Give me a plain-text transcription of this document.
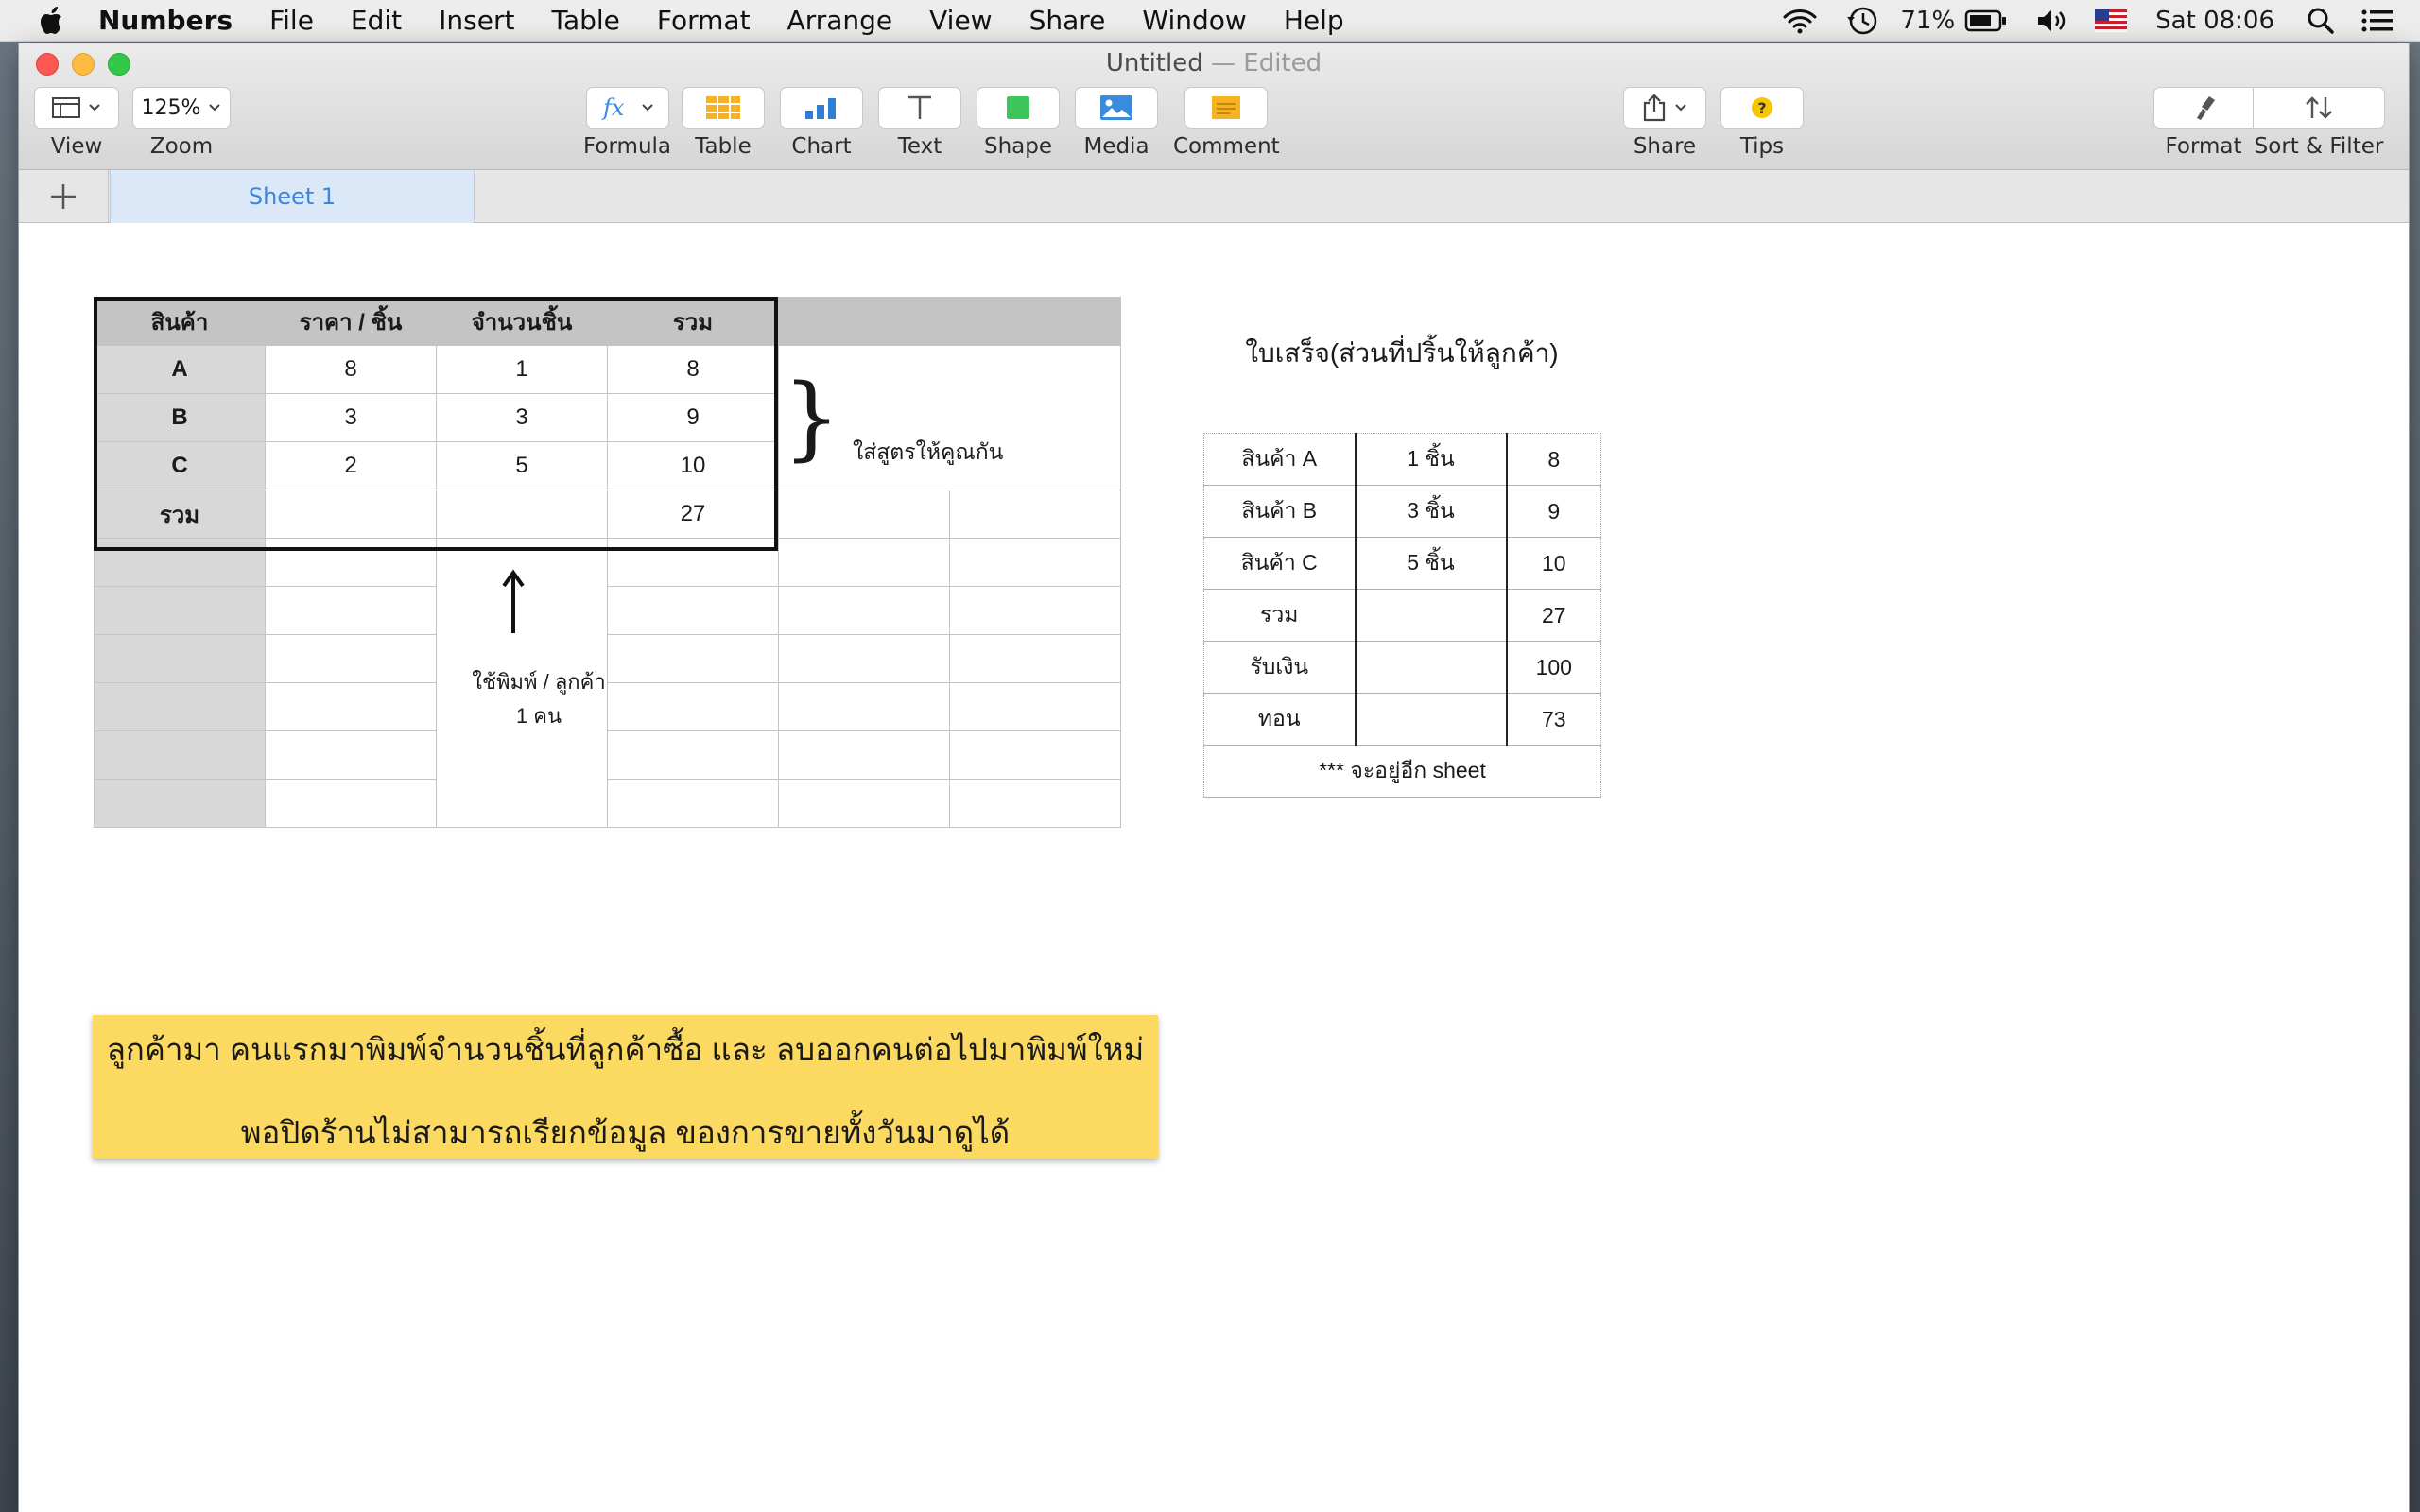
Numbers File Edit Insert Table Format Arrange View Share Window Help	71%	Sat 08:06
Untitled — Edited
View
125%
Zoom
fx
Formula Table Chart Text Shape Media Comment	Share
?
Tips	Format Sort & Filter
Sheet 1
สินค้า	ราคา / ชิ้น	จำนวนชิ้น	รวม		
A	8	1	8		
B	3	3	9		
C	2	5	10		
รวม			27		

} ใส่สูตรให้คูณกัน
ใช้พิมพ์ / ลูกค้า
1 คน
ใบเสร็จ(ส่วนที่ปริ้นให้ลูกค้า)
สินค้า A	1 ชิ้น	8
สินค้า B	3 ชิ้น	9
สินค้า C	5 ชิ้น	10
รวม		27
รับเงิน		100
ทอน		73
*** จะอยู่อีก sheet		
ลูกค้ามา คนแรกมาพิมพ์จำนวนชิ้นที่ลูกค้าซื้อ และ ลบออกคนต่อไปมาพิมพ์ใหม่
พอปิดร้านไม่สามารถเรียกข้อมูล ของการขายทั้งวันมาดูได้
